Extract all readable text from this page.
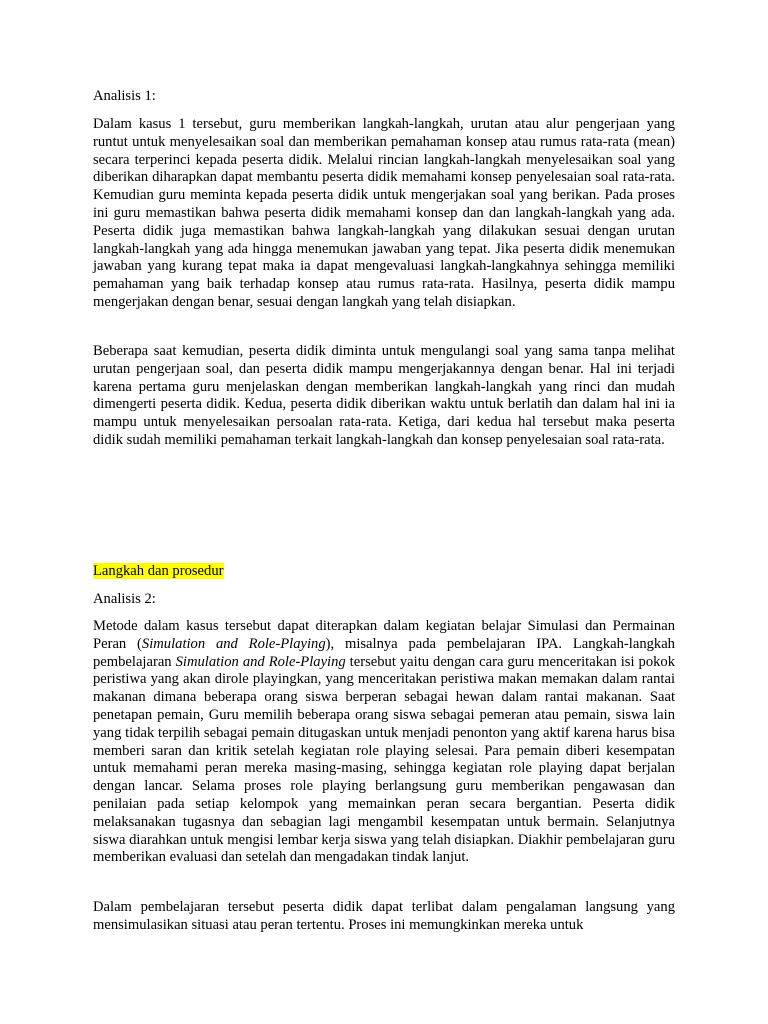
Analisis 1:

Dalam kasus 1 tersebut, guru memberikan langkah-langkah, urutan atau alur pengerjaan yang runtut untuk menyelesaikan soal dan memberikan pemahaman konsep atau rumus rata-rata (mean) secara terperinci kepada peserta didik. Melalui rincian langkah-langkah menyelesaikan soal yang diberikan diharapkan dapat membantu peserta didik memahami konsep penyelesaian soal rata-rata. Kemudian guru meminta kepada peserta didik untuk mengerjakan soal yang berikan. Pada proses ini guru memastikan bahwa peserta didik memahami konsep dan dan langkah-langkah yang ada. Peserta didik juga memastikan bahwa langkah-langkah yang dilakukan sesuai dengan urutan langkah-langkah yang ada hingga menemukan jawaban yang tepat. Jika peserta didik menemukan jawaban yang kurang tepat maka ia dapat mengevaluasi langkah-langkahnya sehingga memiliki pemahaman yang baik terhadap konsep atau rumus rata-rata. Hasilnya, peserta didik mampu mengerjakan dengan benar, sesuai dengan langkah yang telah disiapkan.

Beberapa saat kemudian, peserta didik diminta untuk mengulangi soal yang sama tanpa melihat urutan pengerjaan soal, dan peserta didik mampu mengerjakannya dengan benar. Hal ini terjadi karena pertama guru menjelaskan dengan memberikan langkah-langkah yang rinci dan mudah dimengerti peserta didik. Kedua, peserta didik diberikan waktu untuk berlatih dan dalam hal ini ia mampu untuk menyelesaikan persoalan rata-rata. Ketiga, dari kedua hal tersebut maka peserta didik sudah memiliki pemahaman terkait langkah-langkah dan konsep penyelesaian soal rata-rata.

Langkah dan prosedur

Analisis 2:

Metode dalam kasus tersebut dapat diterapkan dalam kegiatan belajar Simulasi dan Permainan Peran (Simulation and Role-Playing), misalnya pada pembelajaran IPA. Langkah-langkah pembelajaran Simulation and Role-Playing tersebut yaitu dengan cara guru menceritakan isi pokok peristiwa yang akan dirole playingkan, yang menceritakan peristiwa makan memakan dalam rantai makanan dimana beberapa orang siswa berperan sebagai hewan dalam rantai makanan. Saat penetapan pemain, Guru memilih beberapa orang siswa sebagai pemeran atau pemain, siswa lain yang tidak terpilih sebagai pemain ditugaskan untuk menjadi penonton yang aktif karena harus bisa memberi saran dan kritik setelah kegiatan role playing selesai. Para pemain diberi kesempatan untuk memahami peran mereka masing-masing, sehingga kegiatan role playing dapat berjalan dengan lancar. Selama proses role playing berlangsung guru memberikan pengawasan dan penilaian pada setiap kelompok yang memainkan peran secara bergantian. Peserta didik melaksanakan tugasnya dan sebagian lagi mengambil kesempatan untuk bermain. Selanjutnya siswa diarahkan untuk mengisi lembar kerja siswa yang telah disiapkan. Diakhir pembelajaran guru memberikan evaluasi dan setelah dan mengadakan tindak lanjut.

Dalam pembelajaran tersebut peserta didik dapat terlibat dalam pengalaman langsung yang mensimulasikan situasi atau peran tertentu. Proses ini memungkinkan mereka untuk
